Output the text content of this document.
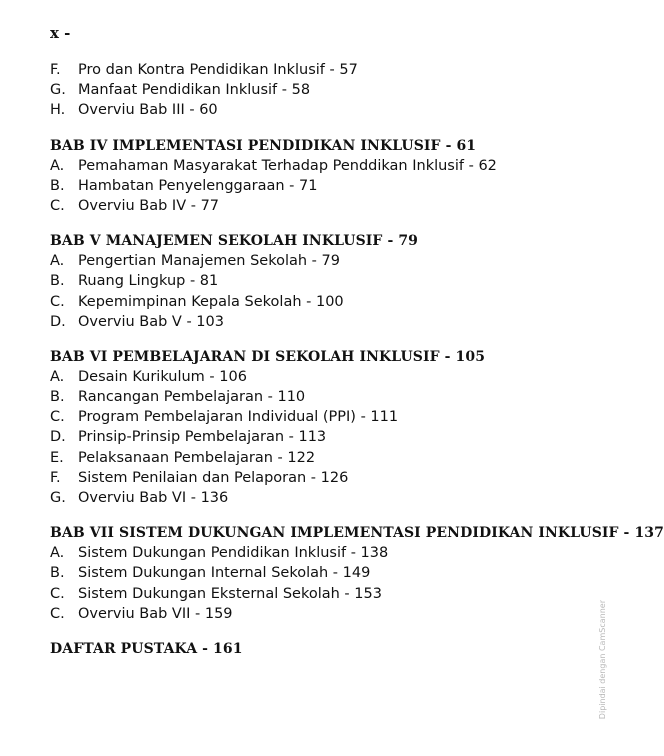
x -
F.	Pro dan Kontra Pendidikan Inklusif - 57
G. Manfaat Pendidikan Inklusif - 58
H. Overviu Bab III - 60
BAB IV IMPLEMENTASI PENDIDIKAN INKLUSIF - 61
A. Pemahaman Masyarakat Terhadap Penddikan Inklusif - 62
B. Hambatan Penyelenggaraan - 71
C. Overviu Bab IV - 77
BAB V MANAJEMEN SEKOLAH INKLUSIF - 79
A. Pengertian Manajemen Sekolah - 79
B. Ruang Lingkup - 81
C. Kepemimpinan Kepala Sekolah - 100
D. Overviu Bab V - 103
BAB VI PEMBELAJARAN DI SEKOLAH INKLUSIF - 105
A. Desain Kurikulum - 106
B. Rancangan Pembelajaran - 110
C. Program Pembelajaran Individual (PPI) - 111
D. Prinsip-Prinsip Pembelajaran - 113
E. Pelaksanaan Pembelajaran - 122
F.	Sistem Penilaian dan Pelaporan - 126
G. Overviu Bab VI - 136
BAB VII SISTEM DUKUNGAN IMPLEMENTASI PENDIDIKAN INKLUSIF - 137
A. Sistem Dukungan Pendidikan Inklusif - 138
B. Sistem Dukungan Internal Sekolah - 149
C. Sistem Dukungan Eksternal Sekolah - 153
C. Overviu Bab VII - 159
DAFTAR PUSTAKA - 161	Dipindai dengan CamScanner
